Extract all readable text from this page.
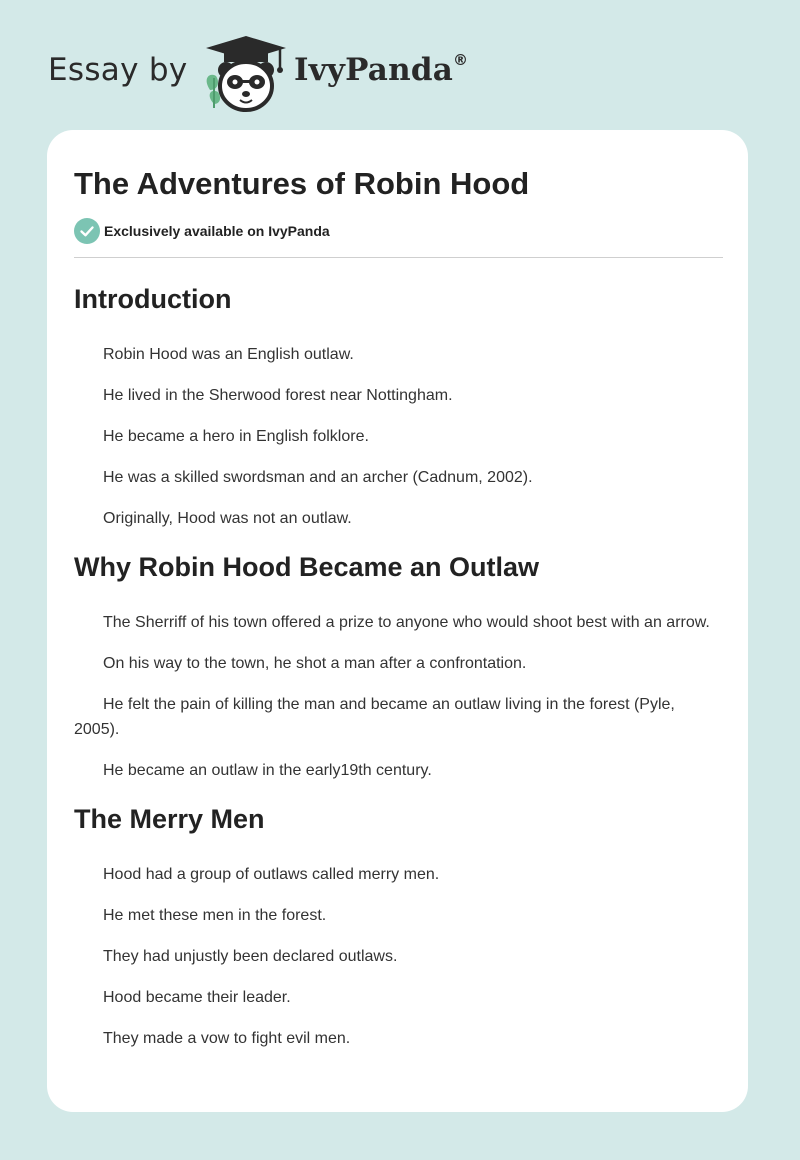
Essay by	IvyPanda®
The Adventures of Robin Hood
Exclusively available on IvyPanda
Introduction

Robin Hood was an English outlaw.

He lived in the Sherwood forest near Nottingham.

He became a hero in English folklore.

He was a skilled swordsman and an archer (Cadnum, 2002).

Originally, Hood was not an outlaw.

Why Robin Hood Became an Outlaw

The Sherriff of his town offered a prize to anyone who would shoot best with an arrow.

On his way to the town, he shot a man after a confrontation.

He felt the pain of killing the man and became an outlaw living in the forest (Pyle, 2005).

He became an outlaw in the early19th century.

The Merry Men

Hood had a group of outlaws called merry men.

He met these men in the forest.

They had unjustly been declared outlaws.

Hood became their leader.

They made a vow to fight evil men.
